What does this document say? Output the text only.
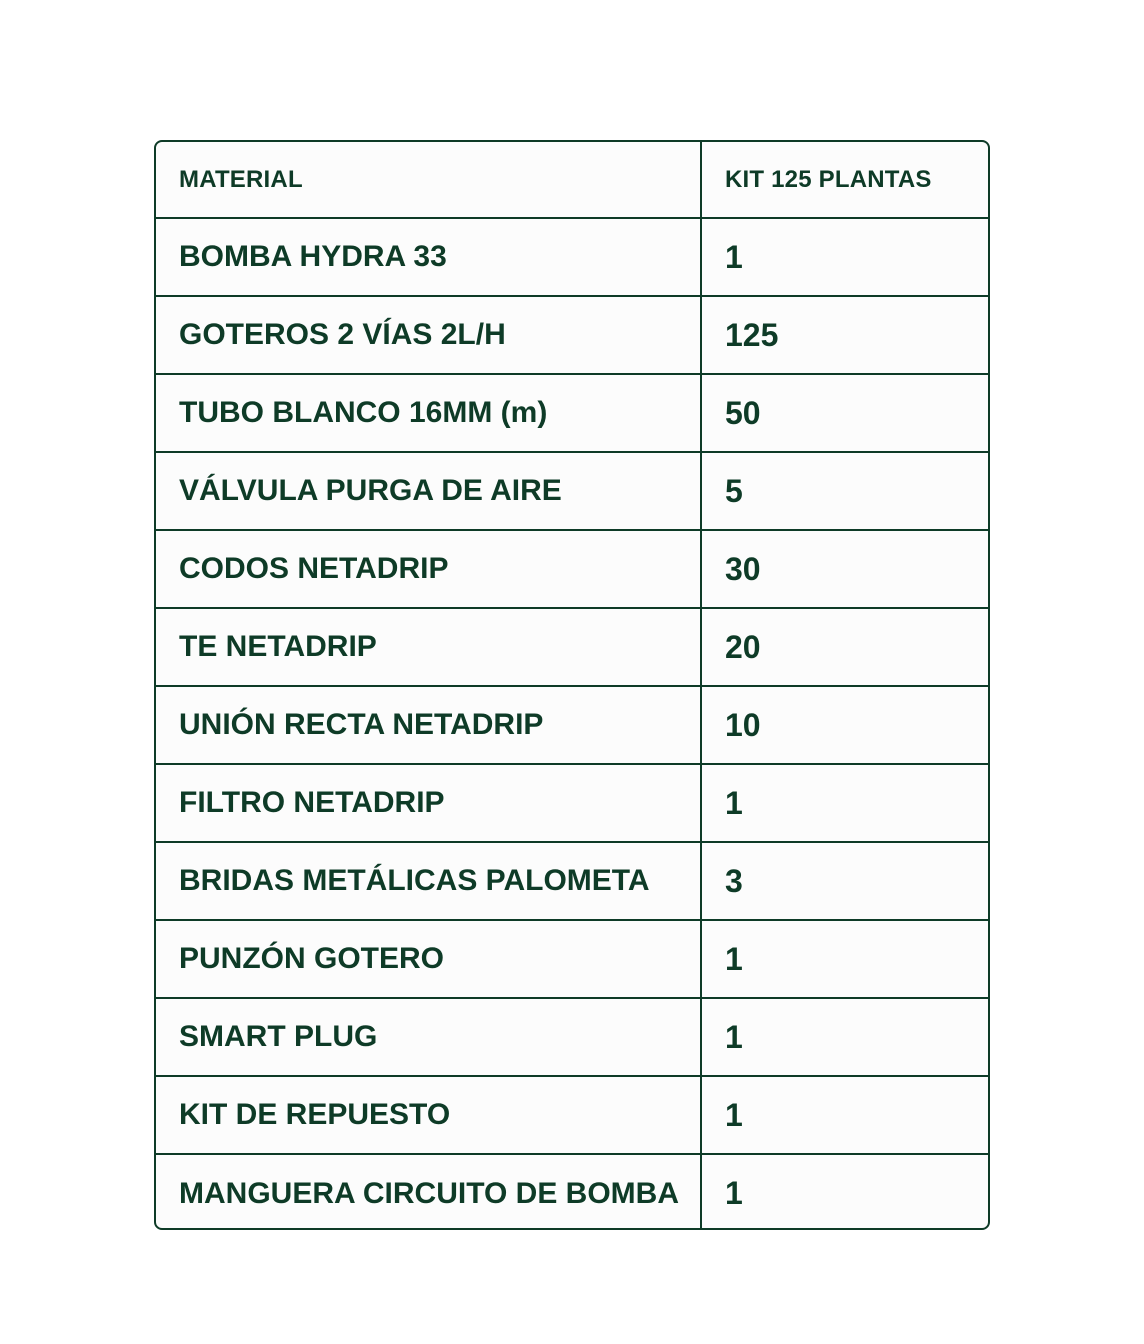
MATERIAL	KIT 125 PLANTAS
BOMBA HYDRA 33	1
GOTEROS 2 VÍAS 2L/H	125
TUBO BLANCO 16MM (m)	50
VÁLVULA PURGA DE AIRE	5
CODOS NETADRIP	30
TE NETADRIP	20
UNIÓN RECTA NETADRIP	10
FILTRO NETADRIP	1
BRIDAS METÁLICAS PALOMETA	3
PUNZÓN GOTERO	1
SMART PLUG	1
KIT DE REPUESTO	1
MANGUERA CIRCUITO DE BOMBA	1
